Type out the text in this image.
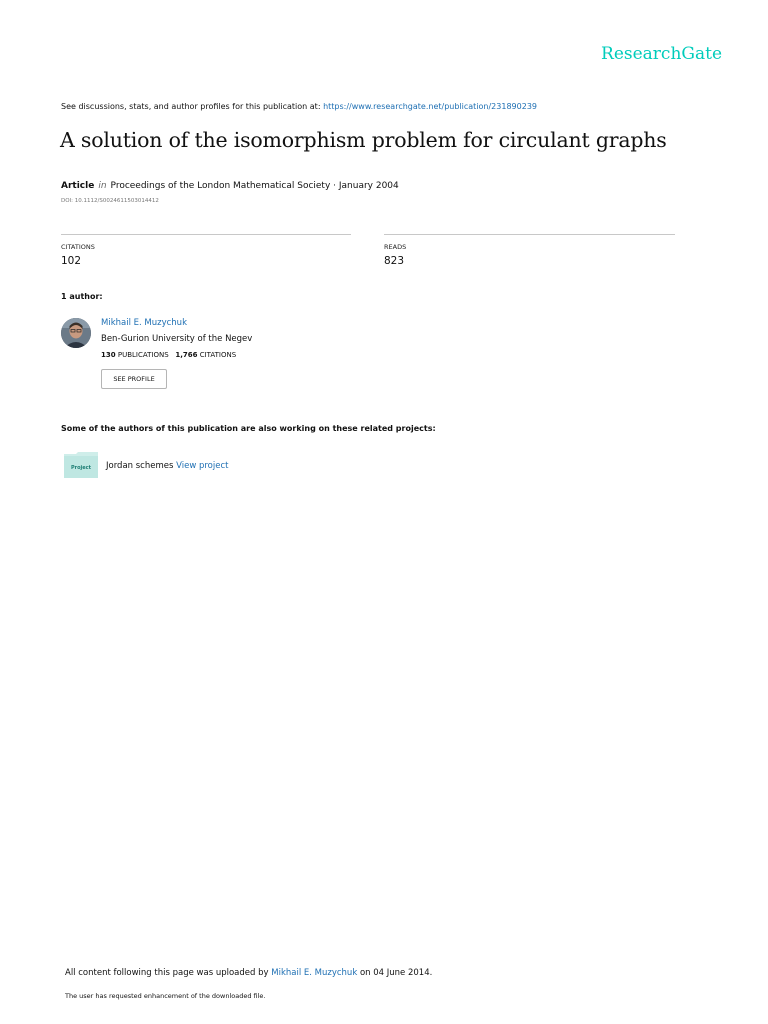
ResearchGate
See discussions, stats, and author profiles for this publication at: https://www.researchgate.net/publication/231890239
A solution of the isomorphism problem for circulant graphs
Article in Proceedings of the London Mathematical Society · January 2004
DOI: 10.1112/S0024611503014412
CITATIONS
102
READS
823
1 author:
Mikhail E. Muzychuk
Ben-Gurion University of the Negev
130 PUBLICATIONS 1,766 CITATIONS
SEE PROFILE
Some of the authors of this publication are also working on these related projects:
Project Jordan schemes View project
All content following this page was uploaded by Mikhail E. Muzychuk on 04 June 2014.
The user has requested enhancement of the downloaded file.
